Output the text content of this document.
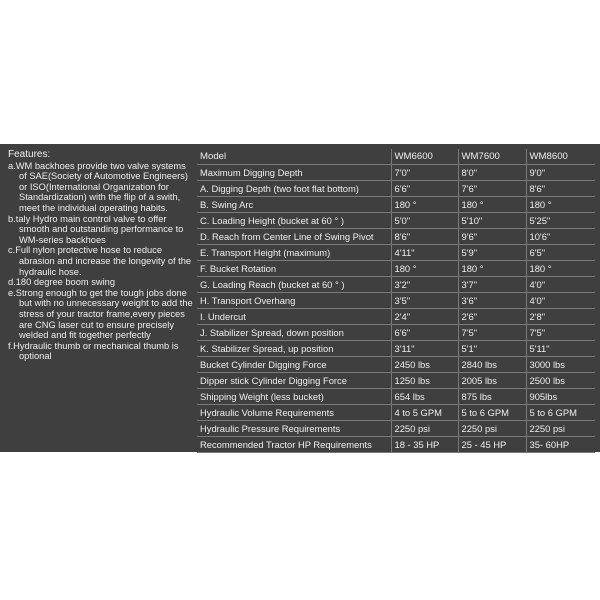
Features:
a.WM backhoes provide two valve systems of SAE(Society of Automotive Engineers) or ISO(International Organization for Standardization) with the flip of a swith, meet the individual operating habits.
b.taly Hydro main control valve to offer smooth and outstanding performance to WM-series backhoes
c.Full nylon protective hose to reduce abrasion and increase the longevity of the hydraulic hose.
d.180 degree boom swing
e.Strong enough to get the tough jobs done but with no unnecessary weight to add the stress of your tractor frame,every pieces are CNG laser cut to ensure precisely welded and fit together perfectly
f.Hydraulic thumb or mechanical thumb is optional
Model	WM6600	WM7600	WM8600
Maximum Digging Depth	7'0"	8'0"	9'0"
A. Digging Depth (two foot flat bottom)	6'6"	7'6"	8'6"
B. Swing Arc	180 °	180 °	180 °
C. Loading Height (bucket at 60 ° )	5'0"	5'10"	5'25"
D. Reach from Center Line of Swing Pivot	8'6"	9'6"	10'6"
E. Transport Height (maximum)	4'11"	5'9"	6'5"
F. Bucket Rotation	180 °	180 °	180 °
G. Loading Reach (bucket at 60 ° )	3'2"	3'7"	4'0"
H. Transport Overhang	3'5"	3'6"	4'0"
I. Undercut	2'4"	2'6"	2'8"
J. Stabilizer Spread, down position	6'6"	7'5"	7'5"
K. Stabilizer Spread, up position	3'11"	5'1"	5'11"
Bucket Cylinder Digging Force	2450 lbs	2840 lbs	3000 lbs
Dipper stick Cylinder Digging Force	1250 lbs	2005 lbs	2500 lbs
Shipping Weight (less bucket)	654 lbs	875 lbs	905lbs
Hydraulic Volume Requirements	4 to 5 GPM	5 to 6 GPM	5 to 6 GPM
Hydraulic Pressure Requirements	2250 psi	2250 psi	2250 psi
Recommended Tractor HP Requirements	18 - 35 HP	25 - 45 HP	35- 60HP
